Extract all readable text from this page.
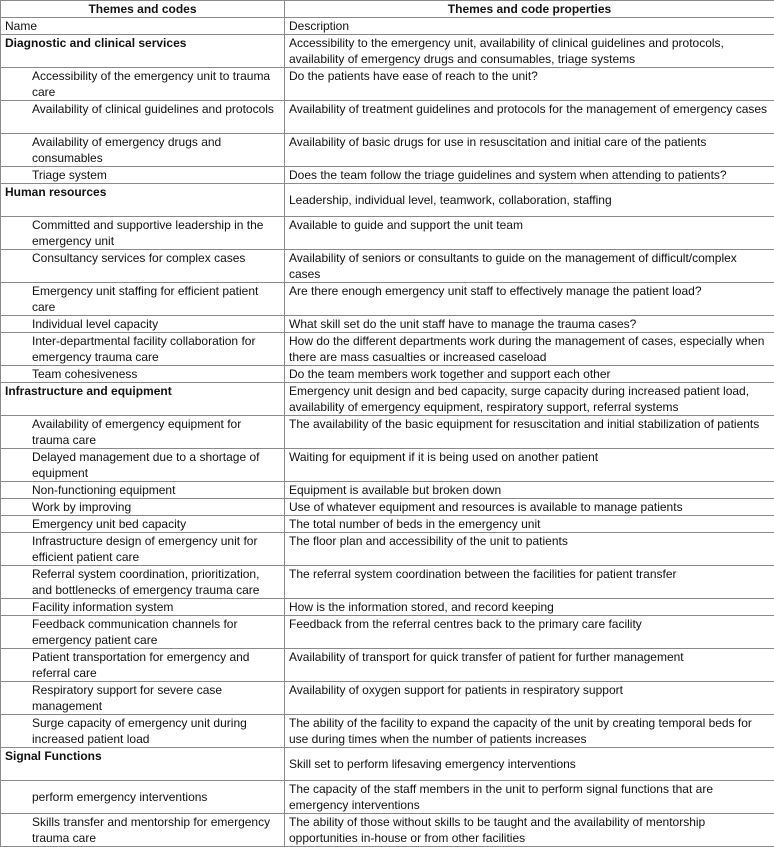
Themes and codes	Themes and code properties
Name	Description
Diagnostic and clinical services	Accessibility to the emergency unit, availability of clinical guidelines and protocols, availability of emergency drugs and consumables, triage systems
Accessibility of the emergency unit to trauma care	Do the patients have ease of reach to the unit?
Availability of clinical guidelines and protocols	Availability of treatment guidelines and protocols for the management of emergency cases
Availability of emergency drugs and consumables	Availability of basic drugs for use in resuscitation and initial care of the patients
Triage system	Does the team follow the triage guidelines and system when attending to patients?
Human resources	Leadership, individual level, teamwork, collaboration, staffing
Committed and supportive leadership in the emergency unit	Available to guide and support the unit team
Consultancy services for complex cases	Availability of seniors or consultants to guide on the management of difficult/complex cases
Emergency unit staffing for efficient patient care	Are there enough emergency unit staff to effectively manage the patient load?
Individual level capacity	What skill set do the unit staff have to manage the trauma cases?
Inter-departmental facility collaboration for emergency trauma care	How do the different departments work during the management of cases, especially when there are mass casualties or increased caseload
Team cohesiveness	Do the team members work together and support each other
Infrastructure and equipment	Emergency unit design and bed capacity, surge capacity during increased patient load, availability of emergency equipment, respiratory support, referral systems
Availability of emergency equipment for trauma care	The availability of the basic equipment for resuscitation and initial stabilization of patients
Delayed management due to a shortage of equipment	Waiting for equipment if it is being used on another patient
Non-functioning equipment	Equipment is available but broken down
Work by improving	Use of whatever equipment and resources is available to manage patients
Emergency unit bed capacity	The total number of beds in the emergency unit
Infrastructure design of emergency unit for efficient patient care	The floor plan and accessibility of the unit to patients
Referral system coordination, prioritization, and bottlenecks of emergency trauma care	The referral system coordination between the facilities for patient transfer
Facility information system	How is the information stored, and record keeping
Feedback communication channels for emergency patient care	Feedback from the referral centres back to the primary care facility
Patient transportation for emergency and referral care	Availability of transport for quick transfer of patient for further management
Respiratory support for severe case management	Availability of oxygen support for patients in respiratory support
Surge capacity of emergency unit during increased patient load	The ability of the facility to expand the capacity of the unit by creating temporal beds for use during times when the number of patients increases
Signal Functions	Skill set to perform lifesaving emergency interventions
perform emergency interventions	The capacity of the staff members in the unit to perform signal functions that are emergency interventions
Skills transfer and mentorship for emergency trauma care	The ability of those without skills to be taught and the availability of mentorship opportunities in-house or from other facilities
